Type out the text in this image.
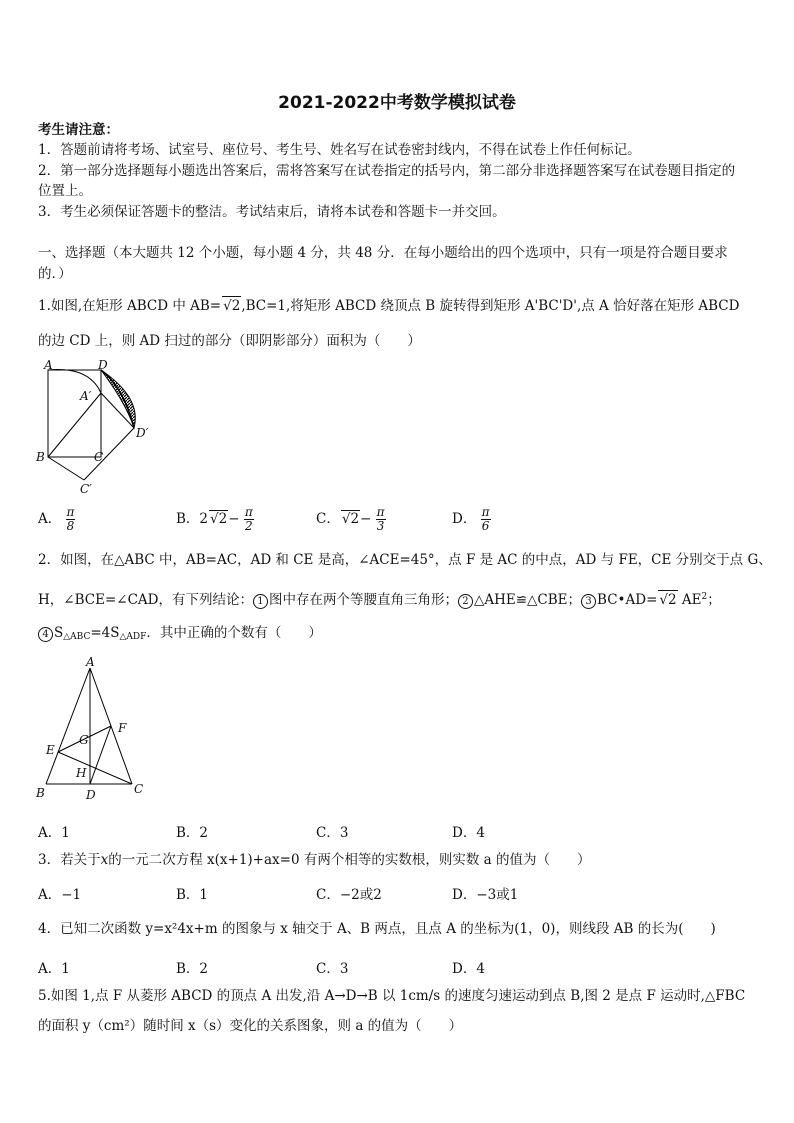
2021-2022中考数学模拟试卷
考生请注意：
1．答题前请将考场、试室号、座位号、考生号、姓名写在试卷密封线内，不得在试卷上作任何标记。
2．第一部分选择题每小题选出答案后，需将答案写在试卷指定的括号内，第二部分非选择题答案写在试卷题目指定的
位置上。
3．考生必须保证答题卡的整洁。考试结束后，请将本试卷和答题卡一并交回。
一、选择题（本大题共 12 个小题，每小题 4 分，共 48 分．在每小题给出的四个选项中，只有一项是符合题目要求
的．）
1.如图,在矩形 ABCD 中 AB= √2,BC=1,将矩形 ABCD 绕顶点 B 旋转得到矩形 A'BC'D',点 A 恰好落在矩形 ABCD
的边 CD 上，则 AD 扫过的部分（即阴影部分）面积为（　　）
A	D
A′
D′
B	C
C′
A． $\frac{\pi}{8}$	B．2 $√2- \frac{\pi}{2}$	C． $√2- \frac{\pi}{3}$	D． $\frac{\pi}{6}$
2．如图，在△ABC 中，AB=AC，AD 和 CE 是高，∠ACE=45°，点 F 是 AC 的中点，AD 与 FE，CE 分别交于点 G、
H，∠BCE=∠CAD，有下列结论： 1 图中存在两个等腰直角三角形； 2 △AHE≌△CBE； 3 BC•AD= √2 $AE^2$；
4 $S_{\triangle ABC}=4S_{\triangle ADF}$．其中正确的个数有（　　）
A
B	C
D
E
F
G
H
A．1	B．2	C．3	D．4
3．若关于x的一元二次方程 x(x+1)+ax=0 有两个相等的实数根，则实数 a 的值为（　　）
A．−1	B．1	C．−2或2	D．−3或1
4．已知二次函数 y=x²4x+m 的图象与 x 轴交于 A、B 两点，且点 A 的坐标为(1，0)，则线段 AB 的长为(　　)
A．1	B．2	C．3	D．4
5.如图 1,点 F 从菱形 ABCD 的顶点 A 出发,沿 A→D→B 以 1cm/s 的速度匀速运动到点 B,图 2 是点 F 运动时,△FBC
的面积 y（cm²）随时间 x（s）变化的关系图象，则 a 的值为（　　）
